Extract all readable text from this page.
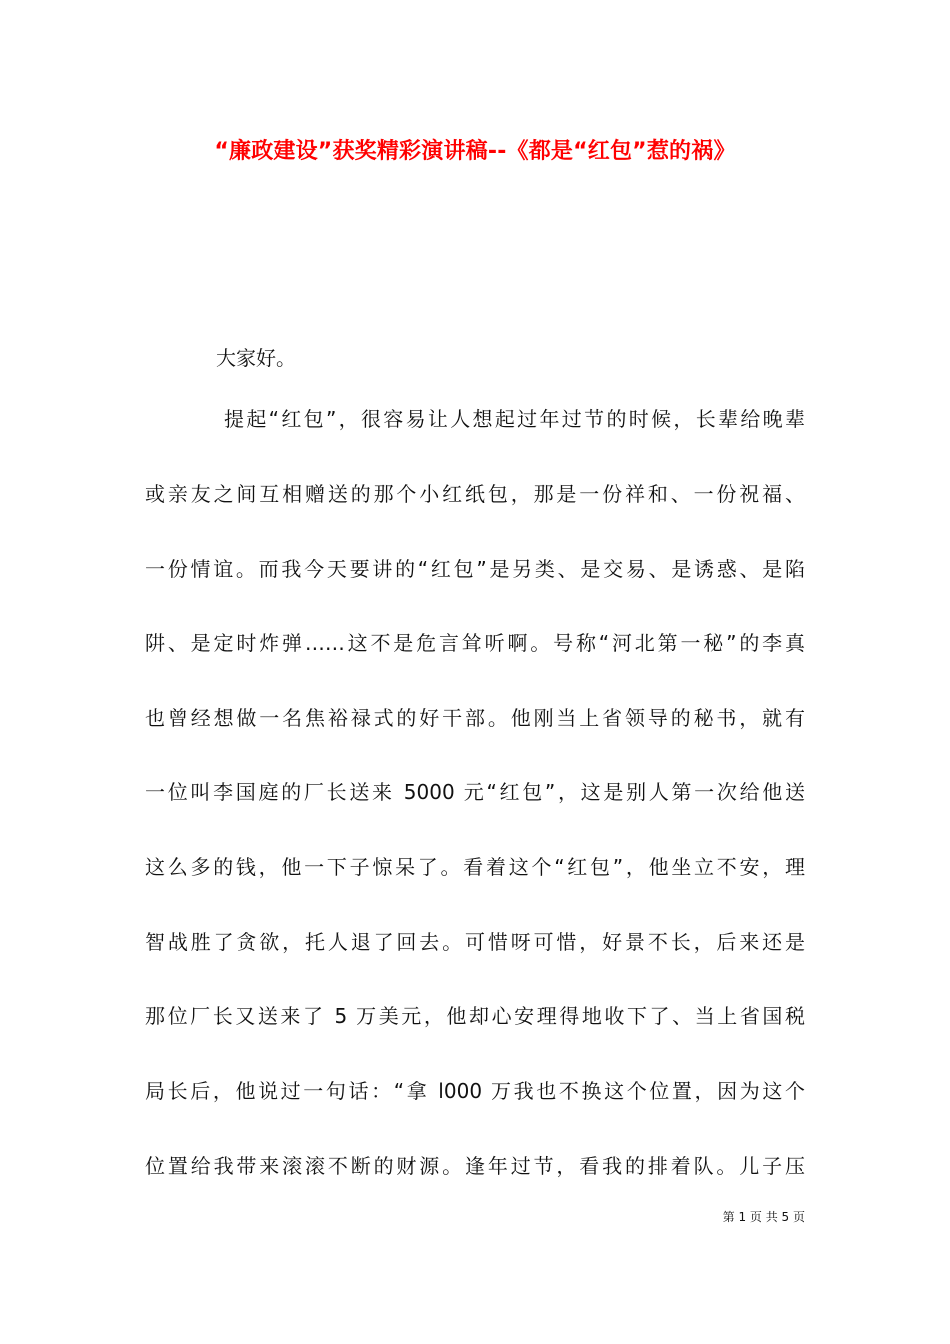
“廉政建设”获奖精彩演讲稿--《都是“红包”惹的祸》
大家好。
提起“红包”，很容易让人想起过年过节的时候，长辈给晚辈
或亲友之间互相赠送的那个小红纸包，那是一份祥和、一份祝福、
一份情谊。而我今天要讲的“红包”是另类、是交易、是诱惑、是陷
阱、是定时炸弹……这不是危言耸听啊。号称“河北第一秘”的李真
也曾经想做一名焦裕禄式的好干部。他刚当上省领导的秘书，就有
一位叫李国庭的厂长送来 5000 元“红包”，这是别人第一次给他送
这么多的钱，他一下子惊呆了。看着这个“红包”，他坐立不安，理
智战胜了贪欲，托人退了回去。可惜呀可惜，好景不长，后来还是
那位厂长又送来了 5 万美元，他却心安理得地收下了、当上省国税
局长后，他说过一句话：“拿 l000 万我也不换这个位置，因为这个
位置给我带来滚滚不断的财源。逢年过节，看我的排着队。儿子压
第 1 页 共 5 页
